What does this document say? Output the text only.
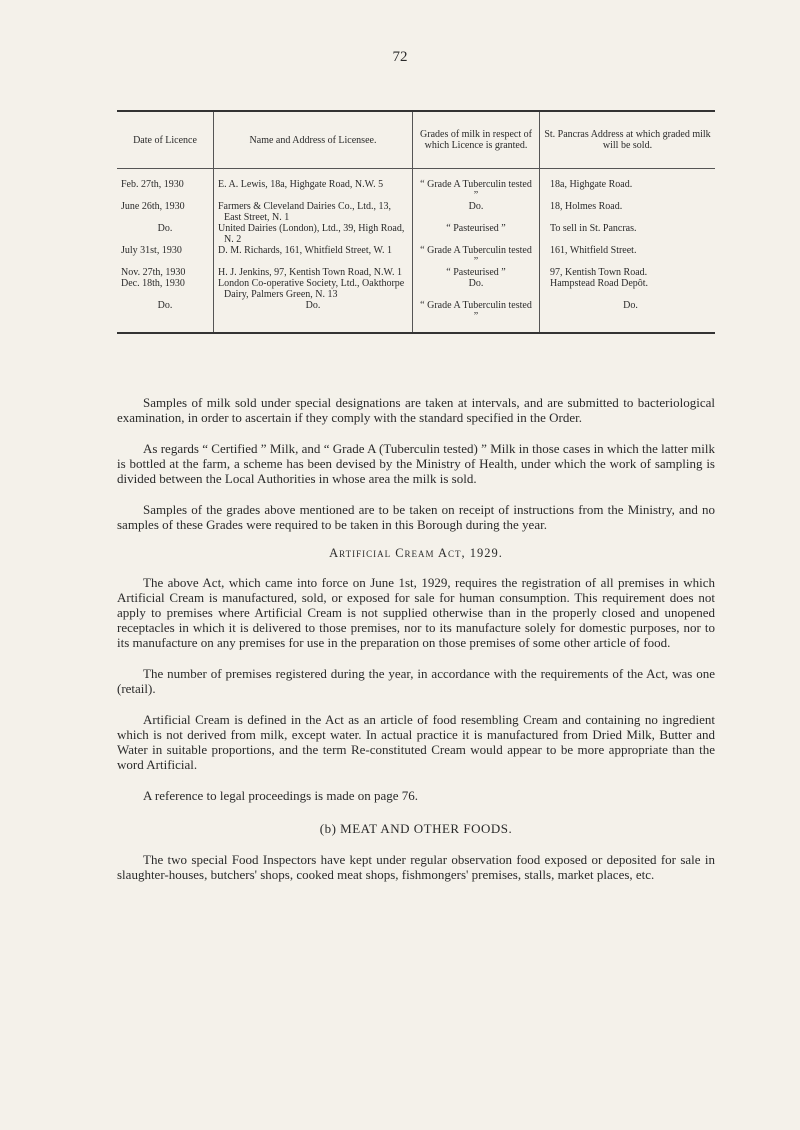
72
Date of Licence	Name and Address of Licensee.	Grades of milk in respect of which Licence is granted.	St. Pancras Address at which graded milk will be sold.
Feb. 27th, 1930	E. A. Lewis, 18a, Highgate Road, N.W. 5	“ Grade A Tuberculin tested ”	18a, Highgate Road.
June 26th, 1930	Farmers & Cleveland Dairies Co., Ltd., 13, East Street, N. 1	Do.	18, Holmes Road.
Do.	United Dairies (London), Ltd., 39, High Road, N. 2	“ Pasteurised ”	To sell in St. Pancras.
July 31st, 1930	D. M. Richards, 161, Whitfield Street, W. 1	“ Grade A Tuberculin tested ”	161, Whitfield Street.
Nov. 27th, 1930	H. J. Jenkins, 97, Kentish Town Road, N.W. 1	“ Pasteurised ”	97, Kentish Town Road.
Dec. 18th, 1930	London Co-operative Society, Ltd., Oakthorpe Dairy, Palmers Green, N. 13	Do.	Hampstead Road Depôt.
Do.	Do.	“ Grade A Tuberculin tested ”	Do.

Samples of milk sold under special designations are taken at intervals, and are submitted to bacteriological examination, in order to ascertain if they comply with the standard specified in the Order.

As regards “ Certified ” Milk, and “ Grade A (Tuberculin tested) ” Milk in those cases in which the latter milk is bottled at the farm, a scheme has been devised by the Ministry of Health, under which the work of sampling is divided between the Local Authorities in whose area the milk is sold.

Samples of the grades above mentioned are to be taken on receipt of instructions from the Ministry, and no samples of these Grades were required to be taken in this Borough during the year.

Artificial Cream Act, 1929.

The above Act, which came into force on June 1st, 1929, requires the registration of all premises in which Artificial Cream is manufactured, sold, or exposed for sale for human consumption. This requirement does not apply to premises where Artificial Cream is not supplied otherwise than in the properly closed and unopened receptacles in which it is delivered to those premises, nor to its manufacture solely for domestic purposes, nor to its manufacture on any premises for use in the preparation on those premises of some other article of food.

The number of premises registered during the year, in accordance with the requirements of the Act, was one (retail).

Artificial Cream is defined in the Act as an article of food resembling Cream and containing no ingredient which is not derived from milk, except water. In actual practice it is manufactured from Dried Milk, Butter and Water in suitable proportions, and the term Re-constituted Cream would appear to be more appropriate than the word Artificial.

A reference to legal proceedings is made on page 76.

(b) MEAT AND OTHER FOODS.

The two special Food Inspectors have kept under regular observation food exposed or deposited for sale in slaughter-houses, butchers' shops, cooked meat shops, fishmongers' premises, stalls, market places, etc.
